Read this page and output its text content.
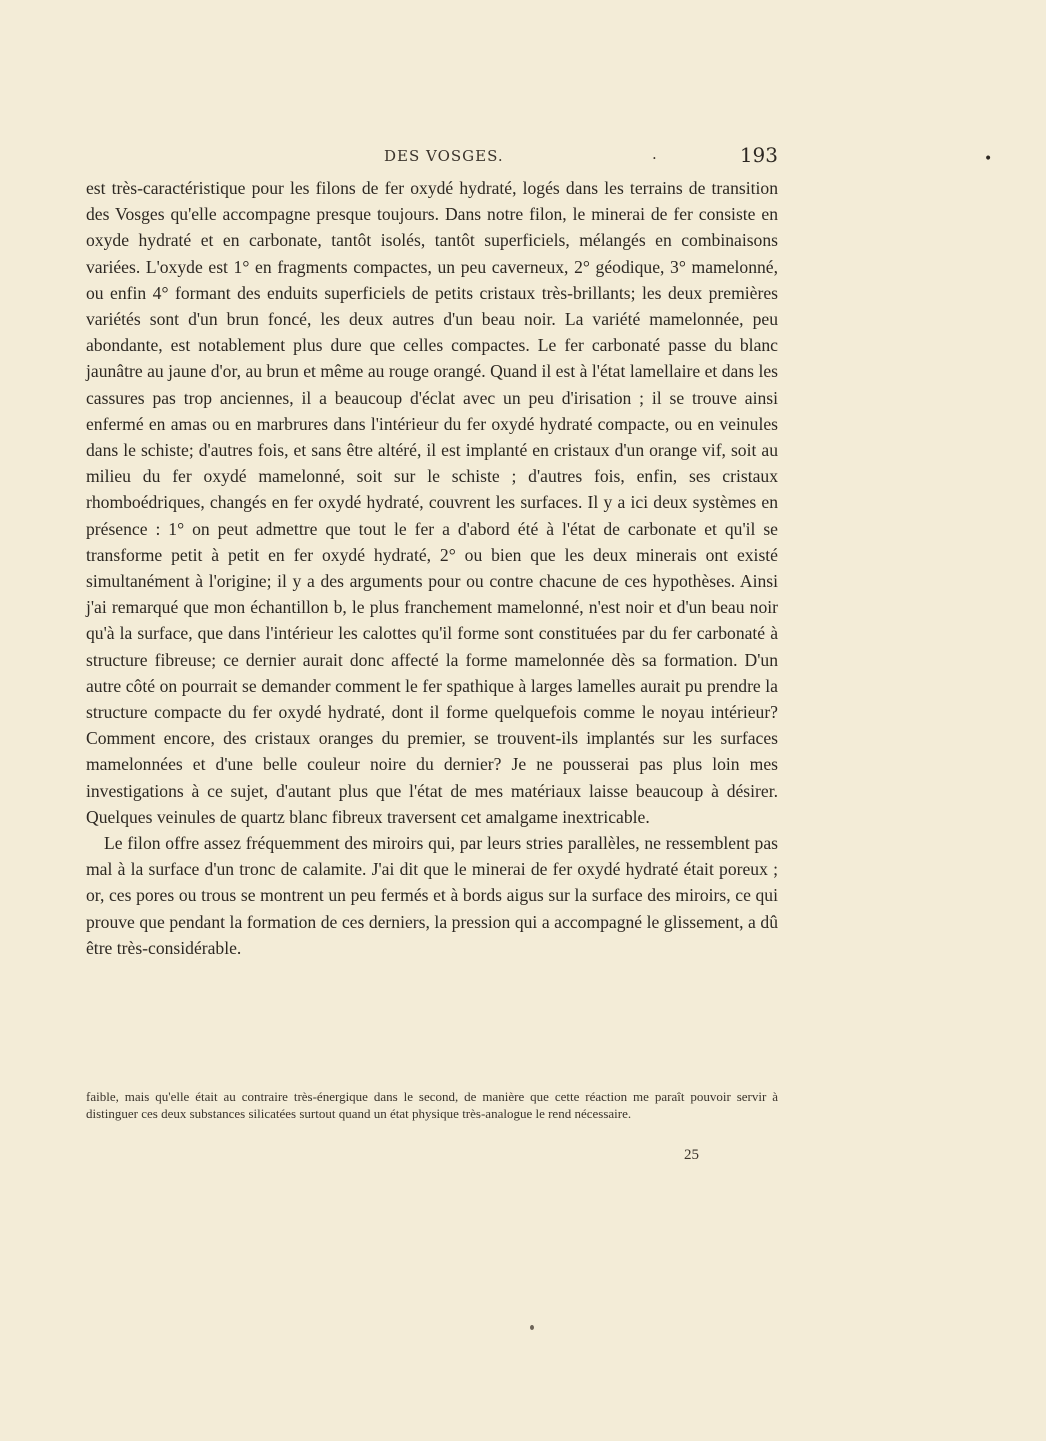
DES VOSGES.	.	193	•

est très-caractéristique pour les filons de fer oxydé hydraté, logés dans les terrains de transition des Vosges qu'elle accompagne presque toujours. Dans notre filon, le minerai de fer consiste en oxyde hydraté et en carbonate, tantôt isolés, tantôt superficiels, mélangés en combinaisons variées. L'oxyde est 1° en fragments compactes, un peu caverneux, 2° géodique, 3° mamelonné, ou enfin 4° formant des enduits superficiels de petits cristaux très-brillants; les deux premières variétés sont d'un brun foncé, les deux autres d'un beau noir. La variété mamelonnée, peu abondante, est notablement plus dure que celles compactes. Le fer carbonaté passe du blanc jaunâtre au jaune d'or, au brun et même au rouge orangé. Quand il est à l'état lamellaire et dans les cassures pas trop anciennes, il a beaucoup d'éclat avec un peu d'irisation ; il se trouve ainsi enfermé en amas ou en marbrures dans l'intérieur du fer oxydé hydraté compacte, ou en veinules dans le schiste; d'autres fois, et sans être altéré, il est implanté en cristaux d'un orange vif, soit au milieu du fer oxydé mamelonné, soit sur le schiste ; d'autres fois, enfin, ses cristaux rhomboédriques, changés en fer oxydé hydraté, couvrent les surfaces. Il y a ici deux systèmes en présence : 1° on peut admettre que tout le fer a d'abord été à l'état de carbonate et qu'il se transforme petit à petit en fer oxydé hydraté, 2° ou bien que les deux minerais ont existé simultanément à l'origine; il y a des arguments pour ou contre chacune de ces hypothèses. Ainsi j'ai remarqué que mon échantillon b, le plus franchement mamelonné, n'est noir et d'un beau noir qu'à la surface, que dans l'intérieur les calottes qu'il forme sont constituées par du fer carbonaté à structure fibreuse; ce dernier aurait donc affecté la forme mamelonnée dès sa formation. D'un autre côté on pourrait se demander comment le fer spathique à larges lamelles aurait pu prendre la structure compacte du fer oxydé hydraté, dont il forme quelquefois comme le noyau intérieur? Comment encore, des cristaux oranges du premier, se trouvent-ils implantés sur les surfaces mamelonnées et d'une belle couleur noire du dernier? Je ne pousserai pas plus loin mes investigations à ce sujet, d'autant plus que l'état de mes matériaux laisse beaucoup à désirer. Quelques veinules de quartz blanc fibreux traversent cet amalgame inextricable.

Le filon offre assez fréquemment des miroirs qui, par leurs stries parallèles, ne ressemblent pas mal à la surface d'un tronc de calamite. J'ai dit que le minerai de fer oxydé hydraté était poreux ; or, ces pores ou trous se montrent un peu fermés et à bords aigus sur la surface des miroirs, ce qui prouve que pendant la formation de ces derniers, la pression qui a accompagné le glissement, a dû être très-considérable.

faible, mais qu'elle était au contraire très-énergique dans le second, de manière que cette réaction me paraît pouvoir servir à distinguer ces deux substances silicatées surtout quand un état physique très-analogue le rend nécessaire.
25
